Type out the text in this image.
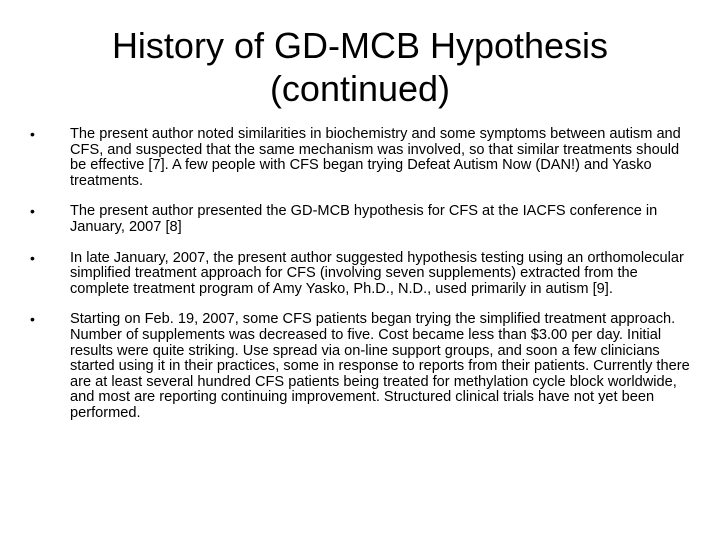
History of GD-MCB Hypothesis
(continued)
•	The present author noted similarities in biochemistry and some symptoms between autism and CFS, and suspected that the same mechanism was involved, so that similar treatments should be effective [7]. A few people with CFS began trying Defeat Autism Now (DAN!) and Yasko treatments.
•	The present author presented the GD-MCB hypothesis for CFS at the IACFS conference in January, 2007 [8]
•	In late January, 2007, the present author suggested hypothesis testing using an orthomolecular simplified treatment approach for CFS (involving seven supplements) extracted from the complete treatment program of Amy Yasko, Ph.D., N.D., used primarily in autism [9].
•	Starting on Feb. 19, 2007, some CFS patients began trying the simplified treatment approach. Number of supplements was decreased to five. Cost became less than $3.00 per day. Initial results were quite striking. Use spread via on-line support groups, and soon a few clinicians started using it in their practices, some in response to reports from their patients. Currently there are at least several hundred CFS patients being treated for methylation cycle block worldwide, and most are reporting continuing improvement. Structured clinical trials have not yet been performed.
